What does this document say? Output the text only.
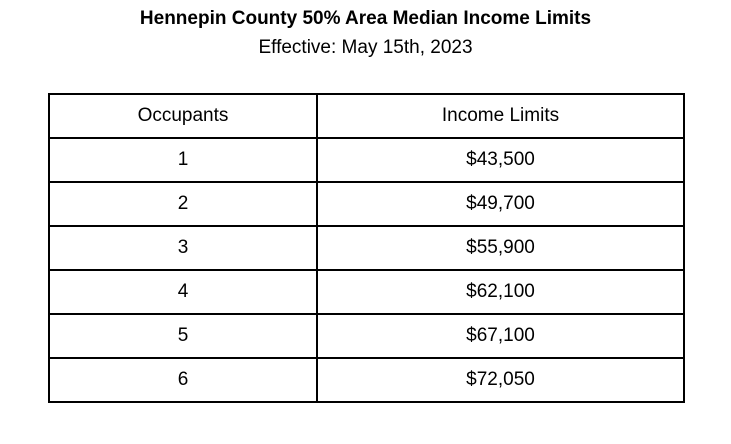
Hennepin County 50% Area Median Income Limits
Effective: May 15th, 2023
Occupants	Income Limits
1	$43,500
2	$49,700
3	$55,900
4	$62,100
5	$67,100
6	$72,050
